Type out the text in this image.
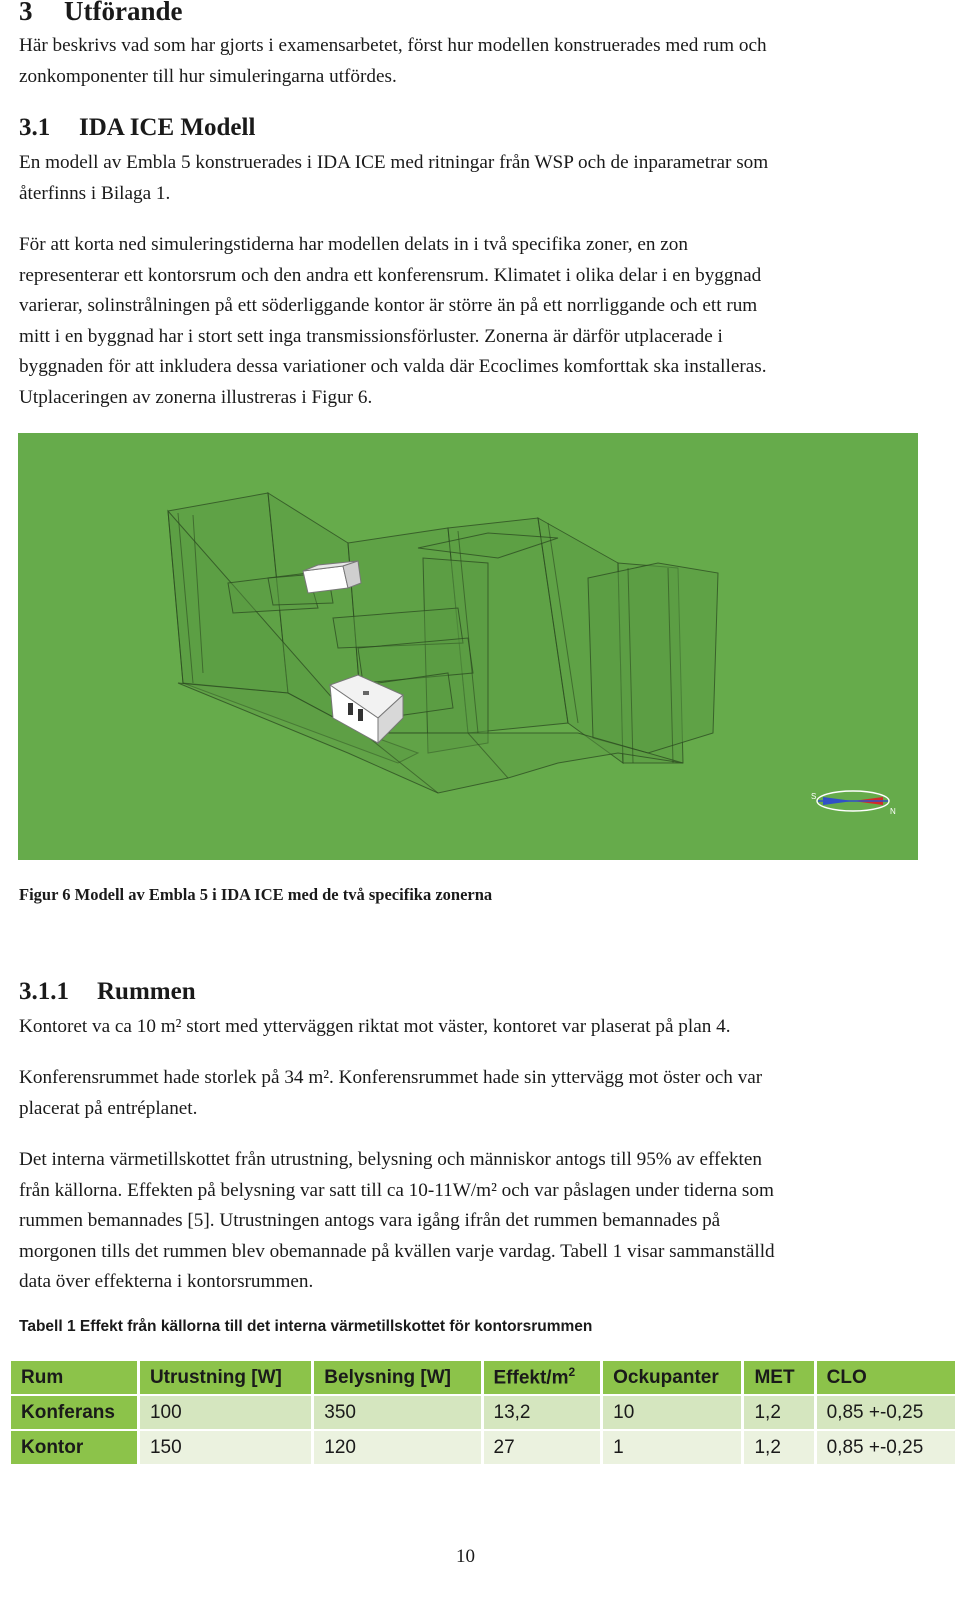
3 Utförande
Här beskrivs vad som har gjorts i examensarbetet, först hur modellen konstruerades med rum och
zonkomponenter till hur simuleringarna utfördes.
3.1 IDA ICE Modell
En modell av Embla 5 konstruerades i IDA ICE med ritningar från WSP och de inparametrar som
återfinns i Bilaga 1.
För att korta ned simuleringstiderna har modellen delats in i två specifika zoner, en zon
representerar ett kontorsrum och den andra ett konferensrum. Klimatet i olika delar i en byggnad
varierar, solinstrålningen på ett söderliggande kontor är större än på ett norrliggande och ett rum
mitt i en byggnad har i stort sett inga transmissionsförluster. Zonerna är därför utplacerade i
byggnaden för att inkludera dessa variationer och valda där Ecoclimes komforttak ska installeras.
Utplaceringen av zonerna illustreras i Figur 6.
S
N
Figur 6 Modell av Embla 5 i IDA ICE med de två specifika zonerna
3.1.1 Rummen
Kontoret va ca 10 m² stort med ytterväggen riktat mot väster, kontoret var plaserat på plan 4.
Konferensrummet hade storlek på 34 m². Konferensrummet hade sin yttervägg mot öster och var
placerat på entréplanet.
Det interna värmetillskottet från utrustning, belysning och människor antogs till 95% av effekten
från källorna. Effekten på belysning var satt till ca 10-11W/m² och var påslagen under tiderna som
rummen bemannades [5]. Utrustningen antogs vara igång ifrån det rummen bemannades på
morgonen tills det rummen blev obemannade på kvällen varje vardag. Tabell 1 visar sammanställd
data över effekterna i kontorsrummen.
Tabell 1 Effekt från källorna till det interna värmetillskottet för kontorsrummen
Rum	Utrustning [W]	Belysning [W]	Effekt/$m^2$	Ockupanter	MET	CLO
Konferans	100	350	13,2	10	1,2	0,85 +-0,25
Kontor	150	120	27	1	1,2	0,85 +-0,25
10
